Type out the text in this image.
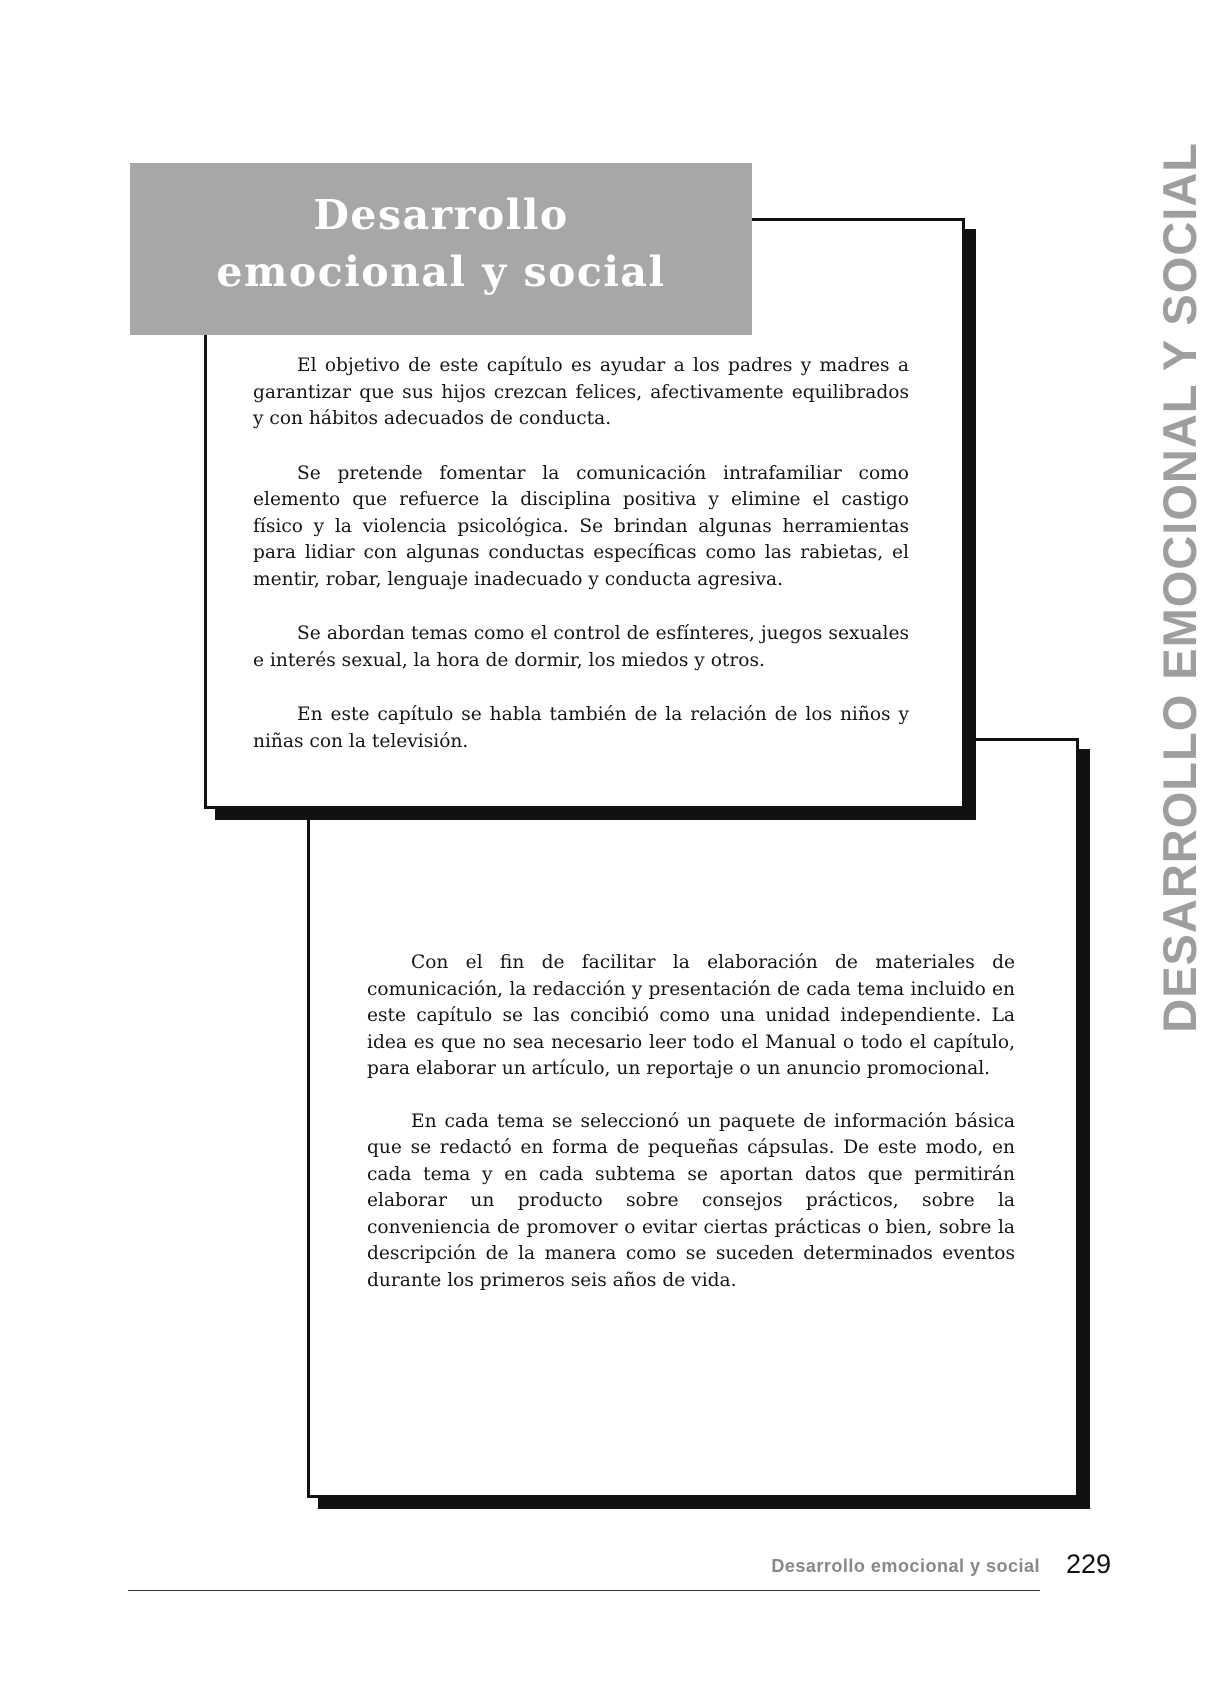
Desarrollo
emocional y social

El objetivo de este capítulo es ayudar a los padres y madres a garantizar que sus hijos crezcan felices, afectivamente equilibrados y con hábitos adecuados de conducta.

Se pretende fomentar la comunicación intrafamiliar como elemento que refuerce la disciplina positiva y elimine el castigo físico y la violencia psicológica. Se brindan algunas herramientas para lidiar con algunas conductas específicas como las rabietas, el mentir, robar, lenguaje inadecuado y conducta agresiva.

Se abordan temas como el control de esfínteres, juegos sexuales e interés sexual, la hora de dormir, los miedos y otros.

En este capítulo se habla también de la relación de los niños y niñas con la televisión.

Con el fin de facilitar la elaboración de materiales de comunicación, la redacción y presentación de cada tema incluido en este capítulo se las concibió como una unidad independiente. La idea es que no sea necesario leer todo el Manual o todo el capítulo, para elaborar un artículo, un reportaje o un anuncio promocional.

En cada tema se seleccionó un paquete de información básica que se redactó en forma de pequeñas cápsulas. De este modo, en cada tema y en cada subtema se aportan datos que permitirán elaborar un producto sobre consejos prácticos, sobre la conveniencia de promover o evitar ciertas prácticas o bien, sobre la descripción de la manera como se suceden determinados eventos durante los primeros seis años de vida.

DESARROLLO EMOCIONAL Y SOCIAL
Desarrollo emocional y social 229
